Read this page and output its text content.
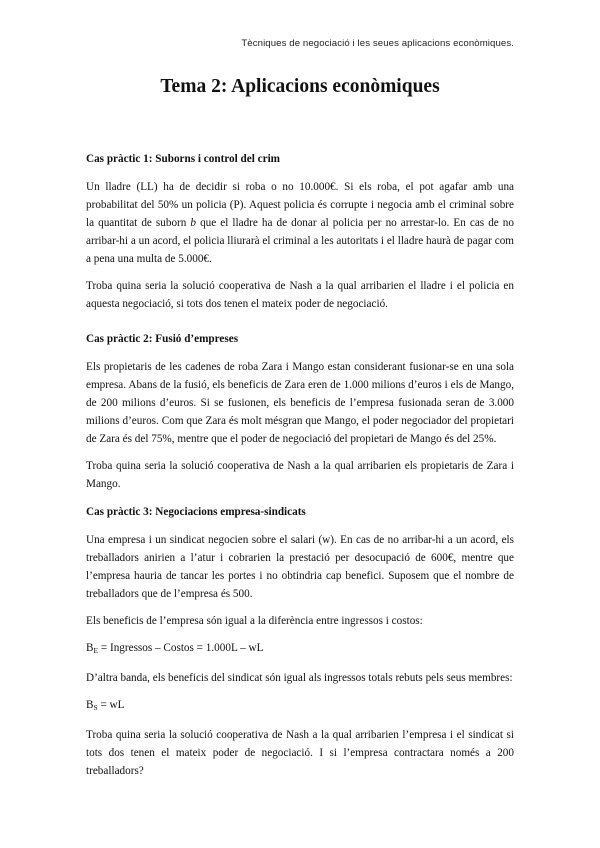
Tècniques de negociació i les seues aplicacions econòmiques.
Tema 2: Aplicacions econòmiques
Cas pràctic 1: Suborns i control del crim

Un lladre (LL) ha de decidir si roba o no 10.000€. Si els roba, el pot agafar amb una probabilitat del 50% un policia (P). Aquest policia és corrupte i negocia amb el criminal sobre la quantitat de suborn b que el lladre ha de donar al policia per no arrestar-lo. En cas de no arribar-hi a un acord, el policia lliurarà el criminal a les autoritats i el lladre haurà de pagar com a pena una multa de 5.000€.

Troba quina seria la solució cooperativa de Nash a la qual arribarien el lladre i el policia en aquesta negociació, si tots dos tenen el mateix poder de negociació.

Cas pràctic 2: Fusió d’empreses

Els propietaris de les cadenes de roba Zara i Mango estan considerant fusionar-se en una sola empresa. Abans de la fusió, els beneficis de Zara eren de 1.000 milions d’euros i els de Mango, de 200 milions d’euros. Si se fusionen, els beneficis de l’empresa fusionada seran de 3.000 milions d’euros. Com que Zara és molt mésgran que Mango, el poder negociador del propietari de Zara és del 75%, mentre que el poder de negociació del propietari de Mango és del 25%.

Troba quina seria la solució cooperativa de Nash a la qual arribarien els propietaris de Zara i Mango.

Cas pràctic 3: Negociacions empresa-sindicats

Una empresa i un sindicat negocien sobre el salari (w). En cas de no arribar-hi a un acord, els treballadors anirien a l’atur i cobrarien la prestació per desocupació de 600€, mentre que l’empresa hauria de tancar les portes i no obtindria cap benefici. Suposem que el nombre de treballadors que de l’empresa és 500.

Els beneficis de l’empresa són igual a la diferència entre ingressos i costos:

$B_E$ = Ingressos – Costos = 1.000L – wL

D’altra banda, els beneficis del sindicat són igual als ingressos totals rebuts pels seus membres:

$B_S$ = wL

Troba quina seria la solució cooperativa de Nash a la qual arribarien l’empresa i el sindicat si tots dos tenen el mateix poder de negociació. I si l’empresa contractara només a 200 treballadors?
